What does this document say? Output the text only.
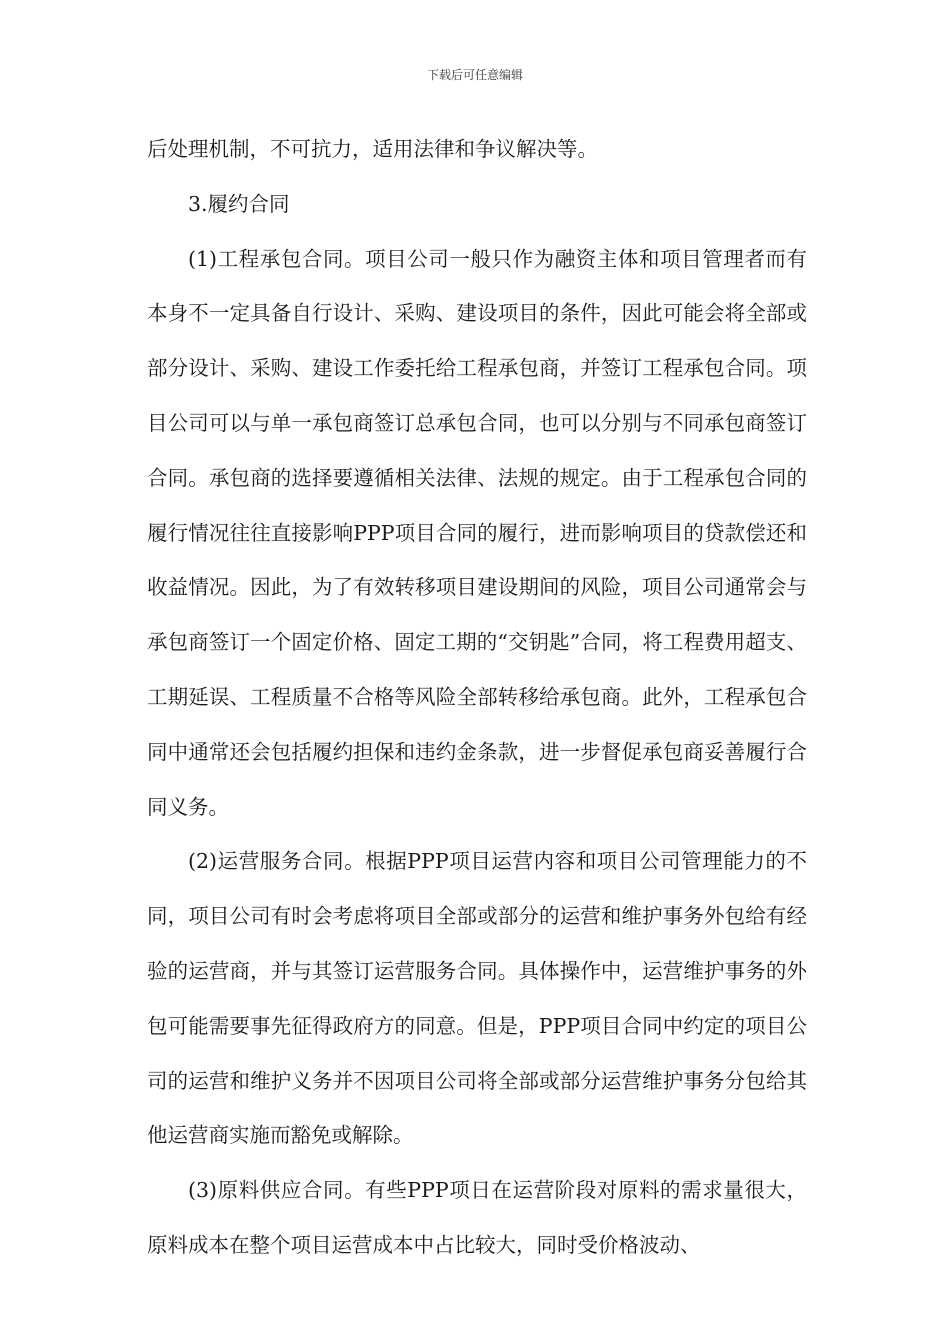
下载后可任意编辑

后处理机制，不可抗力，适用法律和争议解决等。

3.履约合同

(1)工程承包合同。项目公司一般只作为融资主体和项目管理者而有本身不一定具备自行设计、采购、建设项目的条件，因此可能会将全部或部分设计、采购、建设工作委托给工程承包商，并签订工程承包合同。项目公司可以与单一承包商签订总承包合同，也可以分别与不同承包商签订合同。承包商的选择要遵循相关法律、法规的规定。由于工程承包合同的履行情况往往直接影响PPP项目合同的履行，进而影响项目的贷款偿还和收益情况。因此，为了有效转移项目建设期间的风险，项目公司通常会与承包商签订一个固定价格、固定工期的“交钥匙”合同，将工程费用超支、工期延误、工程质量不合格等风险全部转移给承包商。此外，工程承包合同中通常还会包括履约担保和违约金条款，进一步督促承包商妥善履行合同义务。

(2)运营服务合同。根据PPP项目运营内容和项目公司管理能力的不同，项目公司有时会考虑将项目全部或部分的运营和维护事务外包给有经验的运营商，并与其签订运营服务合同。具体操作中，运营维护事务的外包可能需要事先征得政府方的同意。但是，PPP项目合同中约定的项目公司的运营和维护义务并不因项目公司将全部或部分运营维护事务分包给其他运营商实施而豁免或解除。

(3)原料供应合同。有些PPP项日在运营阶段对原料的需求量很大，原料成本在整个项目运营成本中占比较大，同时受价格波动、
